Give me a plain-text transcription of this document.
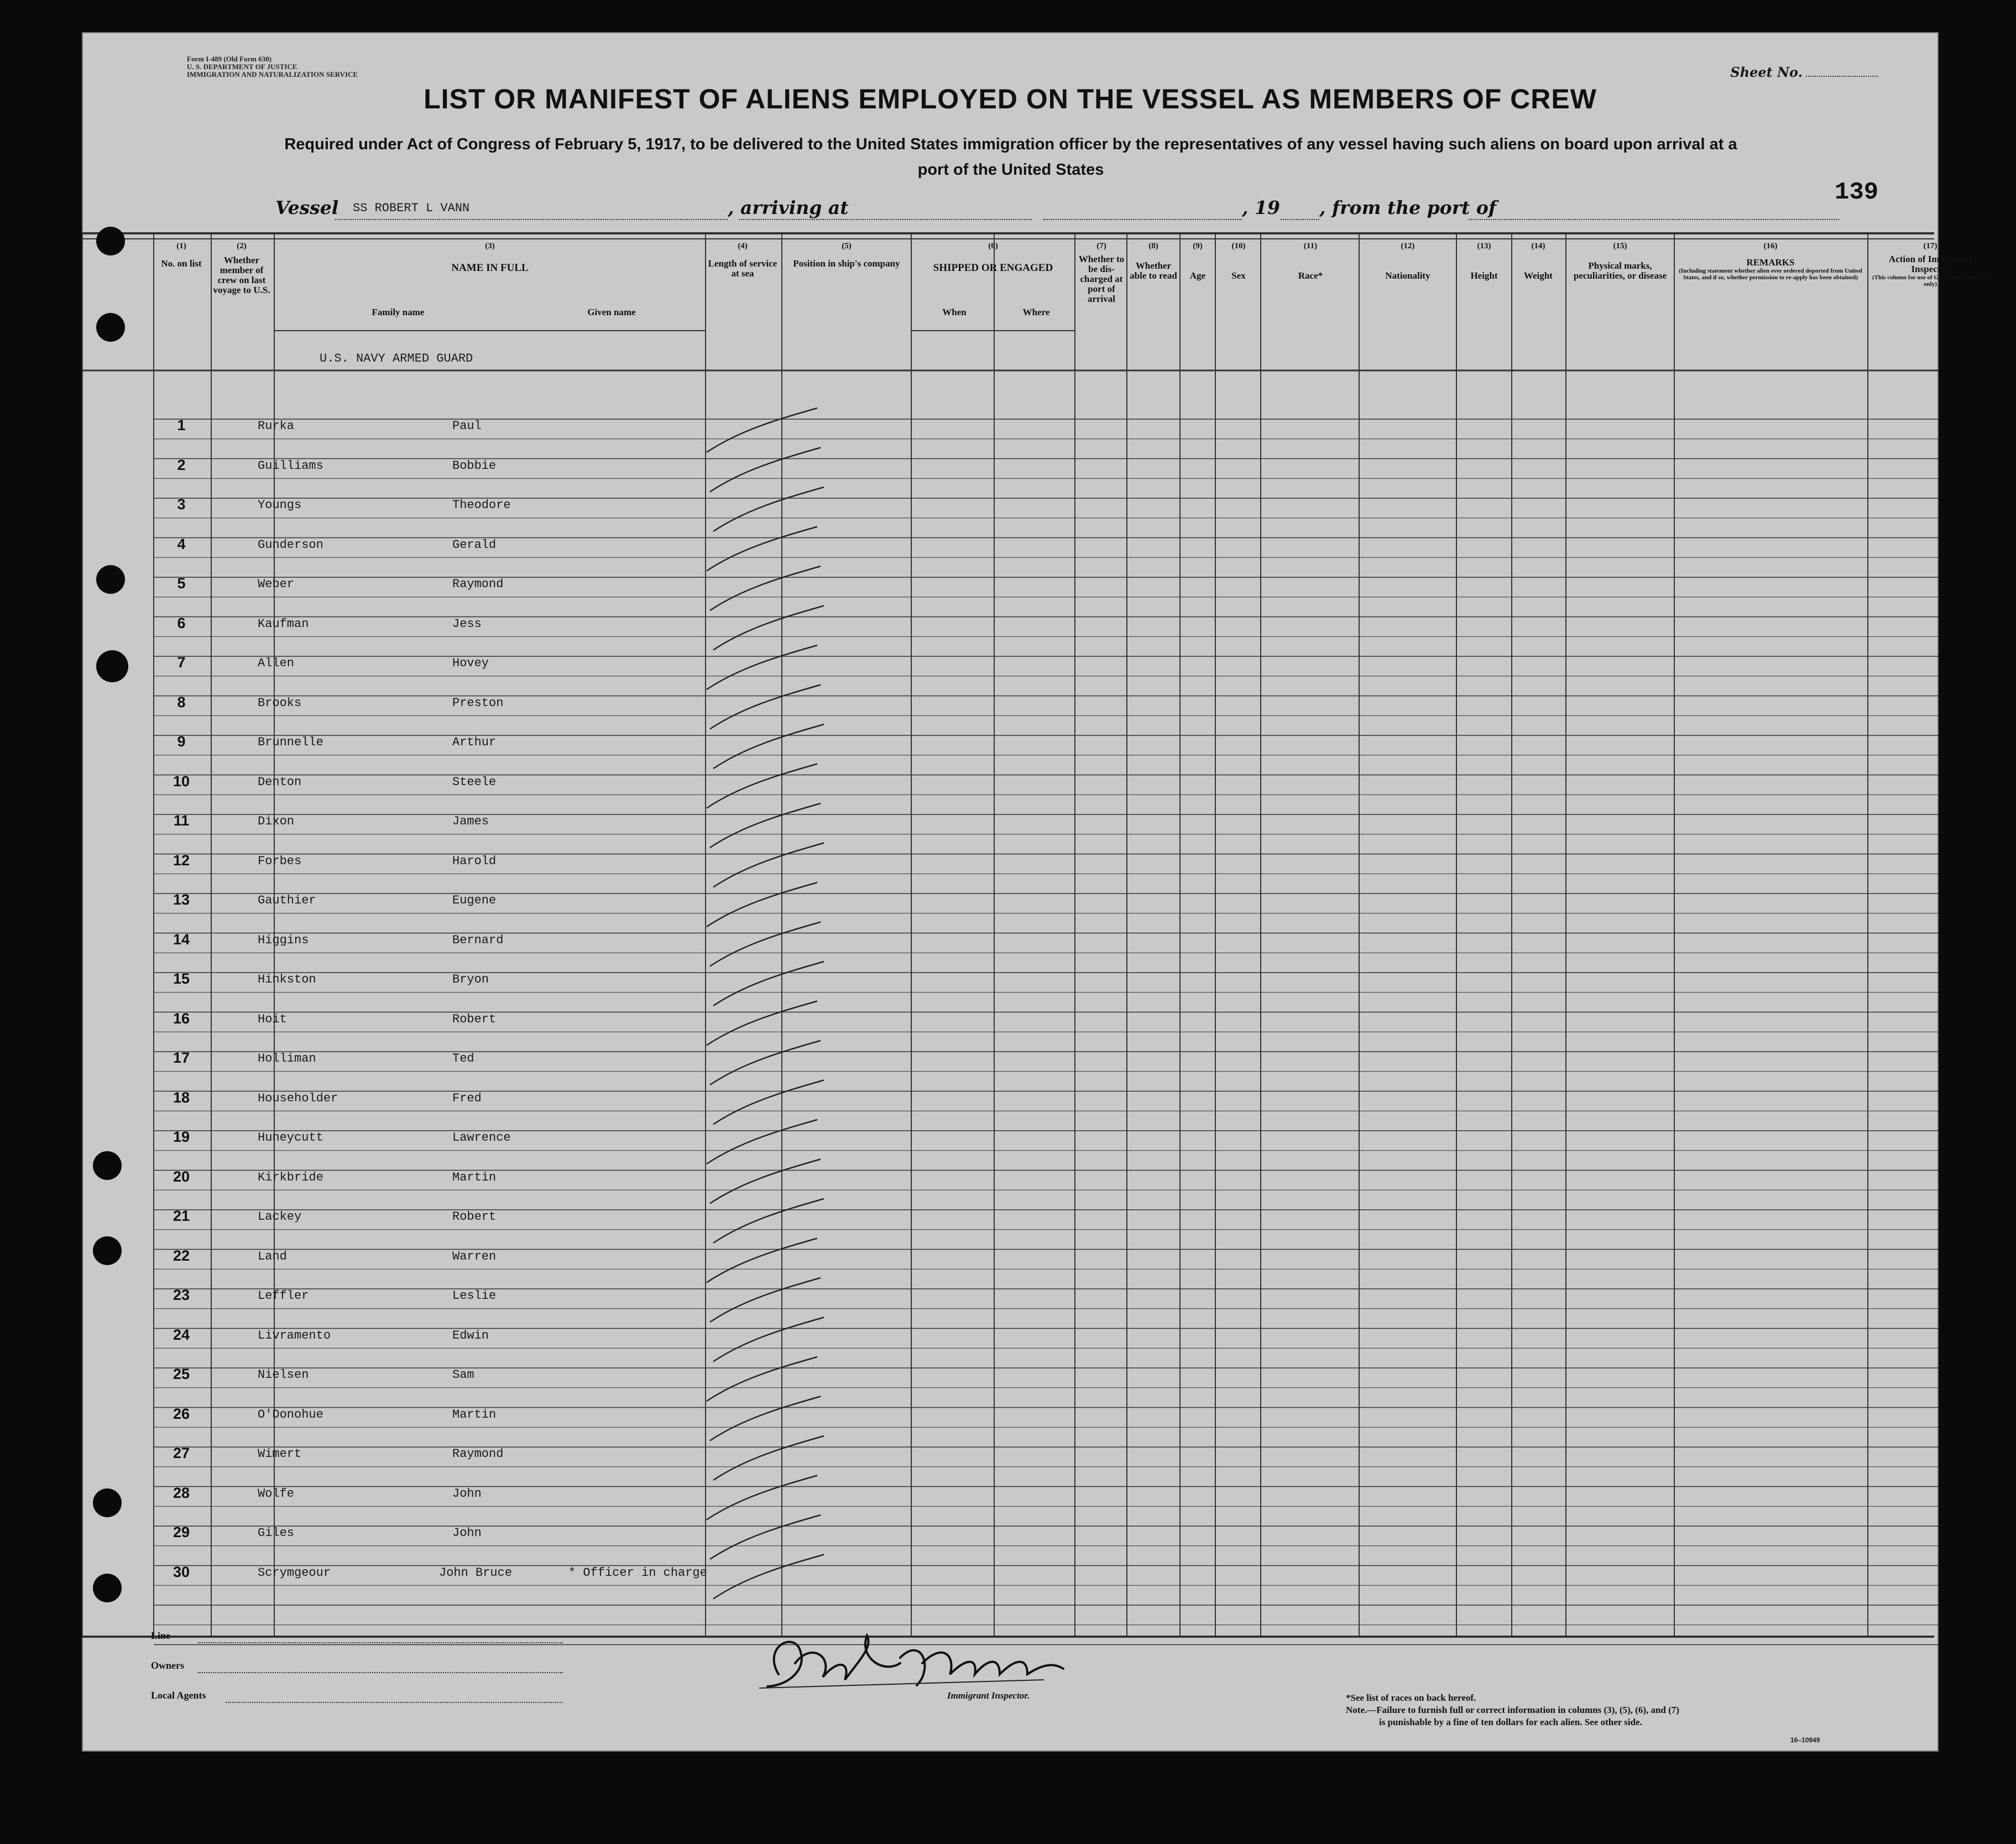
Form I-489 (Old Form 630)
U. S. DEPARTMENT OF JUSTICE
IMMIGRATION AND NATURALIZATION SERVICE	Sheet No.
LIST OR MANIFEST OF ALIENS EMPLOYED ON THE VESSEL AS MEMBERS OF CREW
Required under Act of Congress of February 5, 1917, to be delivered to the United States immigration officer by the representatives of any vessel having such aliens on board upon arrival at a
port of the United States
139
Vessel SS ROBERT L VANN	, arriving at	, 19 , from the port of
(1)
No. on list
(2)
Whether member of crew on last voyage to U.S.
(3)
NAME IN FULL
Family name	Given name
(4)
Length of service at sea
(5)
Position in ship's company
(6)
SHIPPED OR ENGAGED
When	Where
(7)
Whether to be dis-charged at port of arrival
(8)
Whether able to read
(9)
Age
(10)
Sex
(11)
Race*
(12)
Nationality
(13)
Height
(14)
Weight
(15)
Physical marks, peculiarities, or disease
(16)
REMARKS
(Including statement whether alien ever ordered deported from United States, and if so, whether permission to re-apply has been obtained)
(17)
Action of Immigrant Inspector
(This column for use of Government officials only)
U.S. NAVY ARMED GUARD
1	Rurka	Paul
2	Guilliams	Bobbie
3	Youngs	Theodore
4	Gunderson	Gerald
5	Weber	Raymond
6	Kaufman	Jess
7	Allen	Hovey
8	Brooks	Preston
9	Brunnelle	Arthur
10	Denton	Steele
11	Dixon	James
12	Forbes	Harold
13	Gauthier	Eugene
14	Higgins	Bernard
15	Hinkston	Bryon
16	Hoit	Robert
17	Holliman	Ted
18	Householder	Fred
19	Huneycutt	Lawrence
20	Kirkbride	Martin
21	Lackey	Robert
22	Land	Warren
23	Leffler	Leslie
24	Livramento	Edwin
25	Nielsen	Sam
26	O'Donohue	Martin
27	Wimert	Raymond
28	Wolfe	John
29	Giles	John
30	Scrymgeour	John Bruce	* Officer in charge
Line
Owners
Local Agents	Immigrant Inspector.	*See list of races on back hereof.
Note.—Failure to furnish full or correct information in columns (3), (5), (6), and (7)
is punishable by a fine of ten dollars for each alien. See other side.
16–10949
